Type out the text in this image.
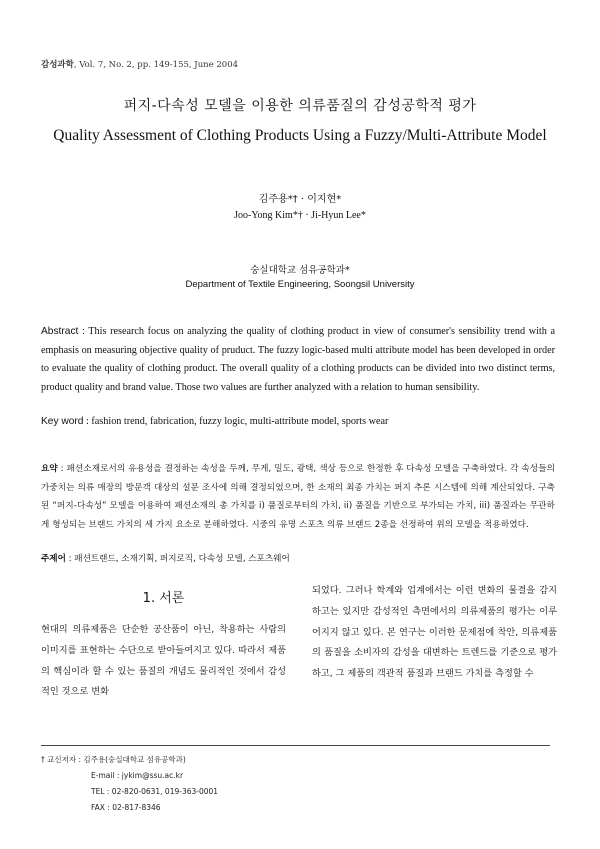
감성과학, Vol. 7, No. 2, pp. 149-155, June 2004
퍼지-다속성 모델을 이용한 의류품질의 감성공학적 평가
Quality Assessment of Clothing Products Using a Fuzzy/Multi-Attribute Model
김주용*† · 이지현*
Joo-Yong Kim*† · Ji-Hyun Lee*
숭실대학교 섬유공학과*
Department of Textile Engineering, Soongsil University
Abstract : This research focus on analyzing the quality of clothing product in view of consumer's sensibility trend with a emphasis on measuring objective quality of pruduct. The fuzzy logic-based multi attribute model has been developed in order to evaluate the quality of clothing product. The overall quality of a clothing products can be divided into two distinct terms, product quality and brand value. Those two values are further analyzed with a relation to human sensibility.
Key word : fashion trend, fabrication, fuzzy logic, multi-attribute model, sports wear
요약 : 패션소재로서의 유용성을 결정하는 속성을 두께, 무게, 밀도, 광택, 색상 등으로 한정한 후 다속성 모델을 구축하였다. 각 속성들의 가중치는 의류 매장의 방문객 대상의 설문 조사에 의해 결정되었으며, 한 소재의 최종 가치는 퍼지 추론 시스템에 의해 계산되었다. 구축된 “퍼지-다속성” 모델을 이용하여 패션소재의 총 가치를 i) 품질로부터의 가치, ii) 품질을 기반으로 부가되는 가치, iii) 품질과는 무관하게 형성되는 브랜드 가치의 세 가지 요소로 분해하였다. 시중의 유명 스포츠 의류 브랜드 2종을 선정하여 위의 모델을 적용하였다.
주제어 : 패션트랜드, 소재기획, 퍼지로직, 다속성 모델, 스포츠웨어
1. 서론

현대의 의류제품은 단순한 공산품이 아닌, 착용하는 사람의 이미지를 표현하는 수단으로 받아들여지고 있다. 따라서 제품의 핵심이라 할 수 있는 품질의 개념도 물리적인 것에서 감성적인 것으로 변화

되었다. 그러나 학계와 업계에서는 이런 변화의 물결을 감지하고는 있지만 감성적인 측면에서의 의류제품의 평가는 이루어지지 않고 있다. 본 연구는 이러한 문제점에 착안, 의류제품의 품질을 소비자의 감성을 대변하는 트렌드를 기준으로 평가하고, 그 제품의 객관적 품질과 브랜드 가치를 측정할 수

† 교신저자 : 김주용(숭실대학교 섬유공학과)
E-mail : jykim@ssu.ac.kr
TEL : 02-820-0631, 019-363-0001
FAX : 02-817-8346
